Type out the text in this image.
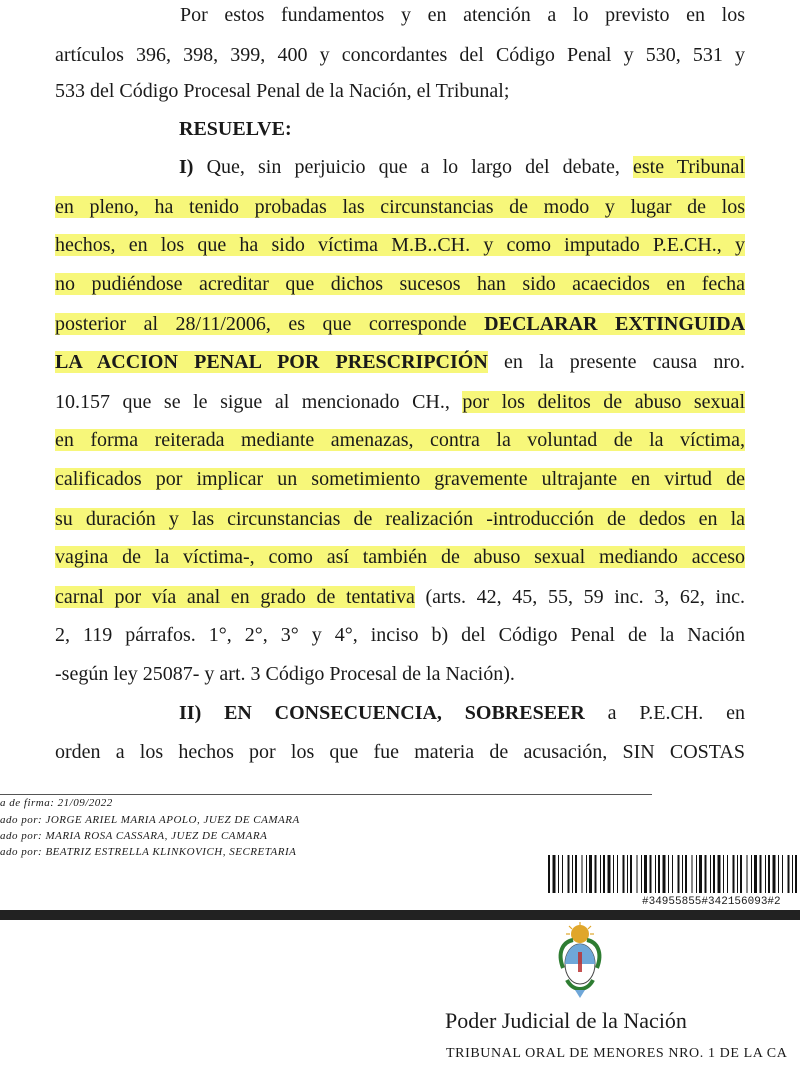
Por estos fundamentos y en atención a lo previsto en los
artículos 396, 398, 399, 400 y concordantes del Código Penal y 530, 531 y
533 del Código Procesal Penal de la Nación, el Tribunal;
RESUELVE:
I) Que, sin perjuicio que a lo largo del debate, este Tribunal
en pleno, ha tenido probadas las circunstancias de modo y lugar de los
hechos, en los que ha sido víctima M.B..CH. y como imputado P.E.CH., y
no pudiéndose acreditar que dichos sucesos han sido acaecidos en fecha
posterior al 28/11/2006, es que corresponde DECLARAR EXTINGUIDA
LA ACCION PENAL POR PRESCRIPCIÓN en la presente causa nro.
10.157 que se le sigue al mencionado CH., por los delitos de abuso sexual
en forma reiterada mediante amenazas, contra la voluntad de la víctima,
calificados por implicar un sometimiento gravemente ultrajante en virtud de
su duración y las circunstancias de realización -introducción de dedos en la
vagina de la víctima-, como así también de abuso sexual mediando acceso
carnal por vía anal en grado de tentativa (arts. 42, 45, 55, 59 inc. 3, 62, inc.
2, 119 párrafos. 1°, 2°, 3° y 4°, inciso b) del Código Penal de la Nación
-según ley 25087- y art. 3 Código Procesal de la Nación).
II) EN CONSECUENCIA, SOBRESEER a P.E.CH. en
orden a los hechos por los que fue materia de acusación, SIN COSTAS
a de firma: 21/09/2022
ado por: JORGE ARIEL MARIA APOLO, JUEZ DE CAMARA
ado por: MARIA ROSA CASSARA, JUEZ DE CAMARA
ado por: BEATRIZ ESTRELLA KLINKOVICH, SECRETARIA
#34955855#342156093#2
Poder Judicial de la Nación
TRIBUNAL ORAL DE MENORES NRO. 1 DE LA CA
